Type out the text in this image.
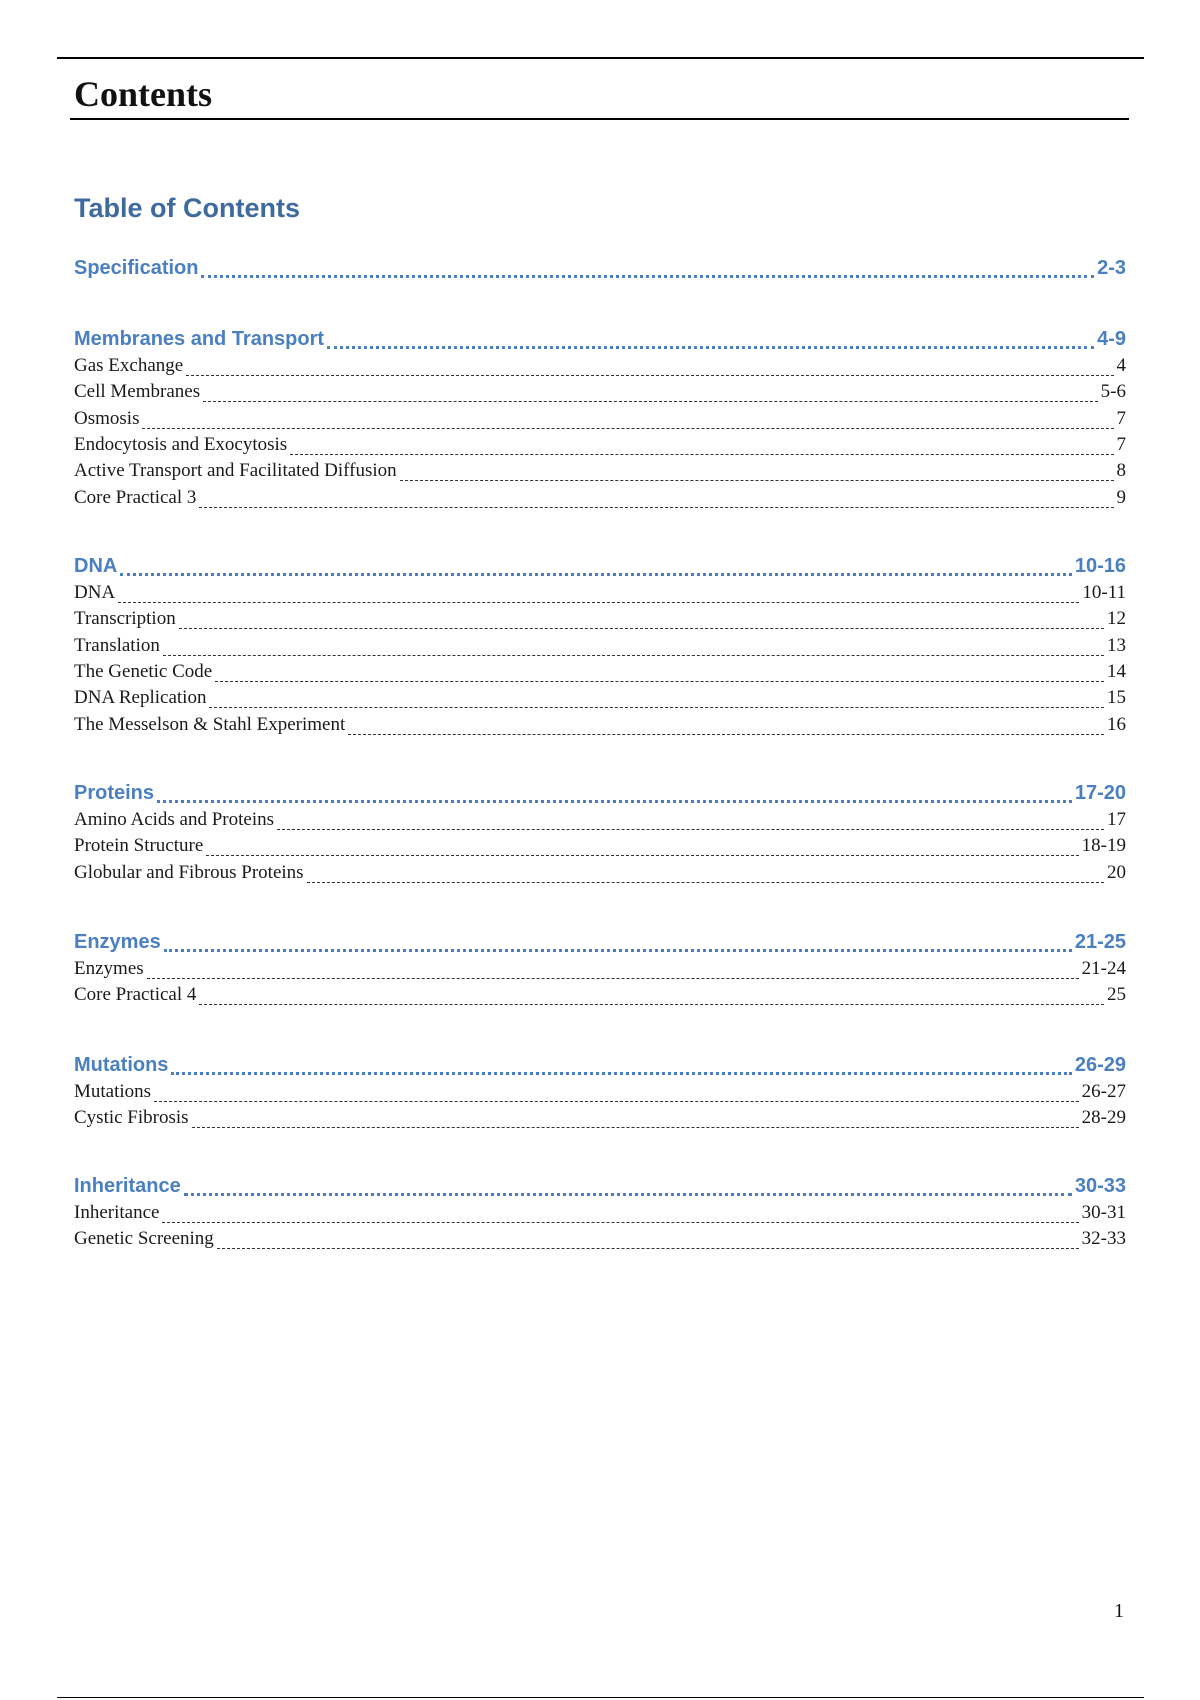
Contents
Table of Contents
Specification	2-3
Membranes and Transport	4-9
Gas Exchange	4
Cell Membranes	5-6
Osmosis	7
Endocytosis and Exocytosis	7
Active Transport and Facilitated Diffusion	8
Core Practical 3	9
DNA	10-16
DNA	10-11
Transcription	12
Translation	13
The Genetic Code	14
DNA Replication	15
The Messelson & Stahl Experiment	16
Proteins	17-20
Amino Acids and Proteins	17
Protein Structure	18-19
Globular and Fibrous Proteins	20
Enzymes	21-25
Enzymes	21-24
Core Practical 4	25
Mutations	26-29
Mutations	26-27
Cystic Fibrosis	28-29
Inheritance	30-33
Inheritance	30-31
Genetic Screening	32-33
1
